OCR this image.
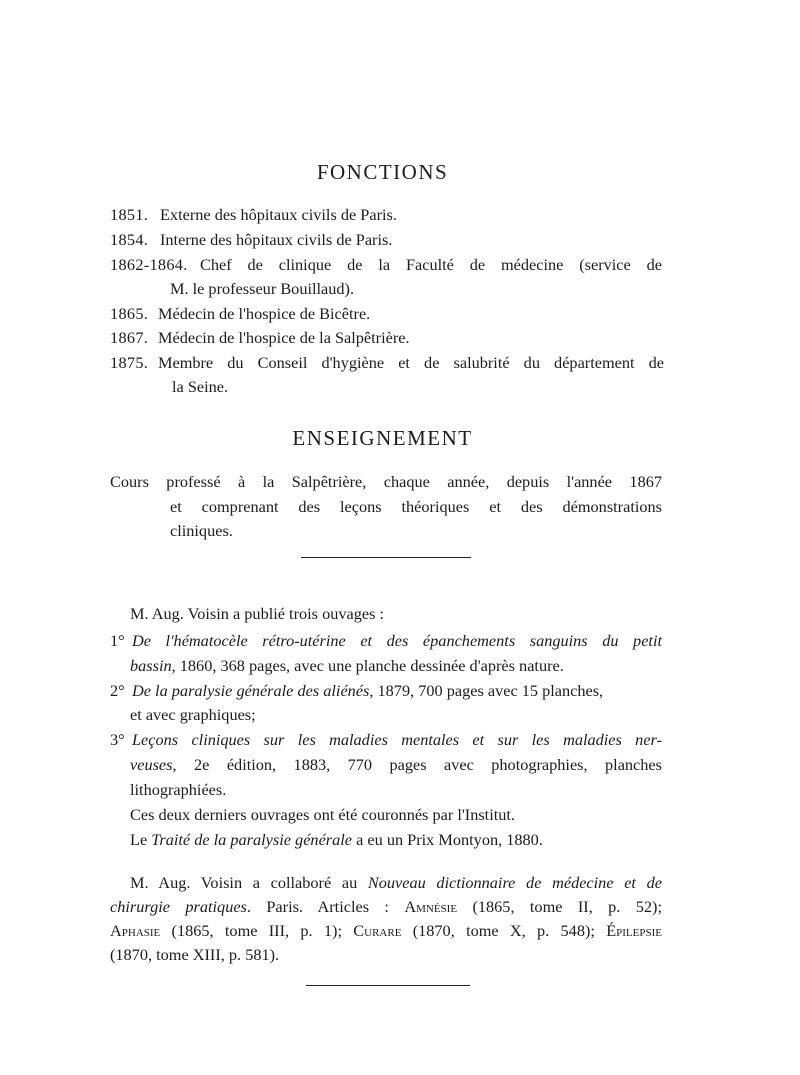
FONCTIONS
1851. Externe des hôpitaux civils de Paris.
1854. Interne des hôpitaux civils de Paris.
1862-1864. Chef de clinique de la Faculté de médecine (service de
M. le professeur Bouillaud).
1865. Médecin de l'hospice de Bicêtre.
1867. Médecin de l'hospice de la Salpêtrière.
1875. Membre du Conseil d'hygiène et de salubrité du département de
la Seine.
ENSEIGNEMENT
Cours professé à la Salpêtrière, chaque année, depuis l'année 1867
et comprenant des leçons théoriques et des démonstrations
cliniques.
M. Aug. Voisin a publié trois ouvages :
1° De l'hématocèle rétro-utérine et des épanchements sanguins du petit
bassin, 1860, 368 pages, avec une planche dessinée d'après nature.
2° De la paralysie générale des aliénés, 1879, 700 pages avec 15 planches,
et avec graphiques;
3° Leçons cliniques sur les maladies mentales et sur les maladies ner-
veuses, 2e édition, 1883, 770 pages avec photographies, planches
lithographiées.
Ces deux derniers ouvrages ont été couronnés par l'Institut.
Le Traité de la paralysie générale a eu un Prix Montyon, 1880.
M. Aug. Voisin a collaboré au Nouveau dictionnaire de médecine et de
chirurgie pratiques. Paris. Articles : Amnésie (1865, tome II, p. 52);
Aphasie (1865, tome III, p. 1); Curare (1870, tome X, p. 548); Épilepsie
(1870, tome XIII, p. 581).
